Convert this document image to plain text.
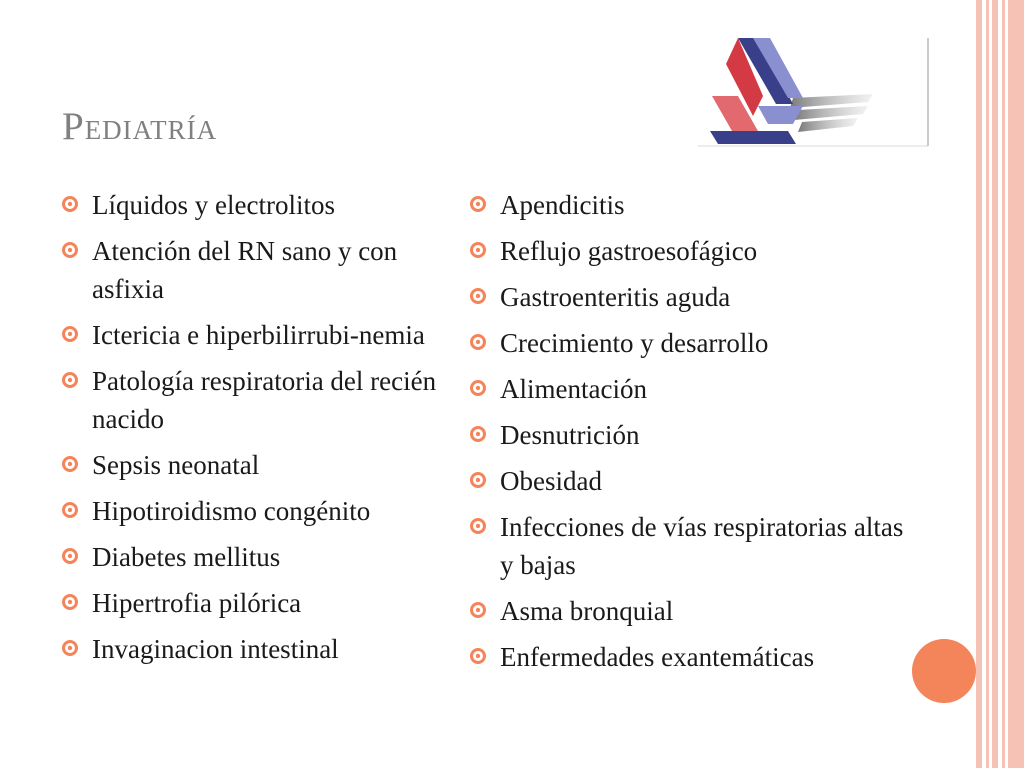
Pediatría
Líquidos y electrolitos
Atención del RN sano y con asfixia
Ictericia e hiperbilirrubi-nemia
Patología respiratoria del recién nacido
Sepsis neonatal
Hipotiroidismo congénito
Diabetes mellitus
Hipertrofia pilórica
Invaginacion intestinal
Apendicitis
Reflujo gastroesofágico
Gastroenteritis aguda
Crecimiento y desarrollo
Alimentación
Desnutrición
Obesidad
Infecciones de vías respiratorias altas y bajas
Asma bronquial
Enfermedades exantemáticas
